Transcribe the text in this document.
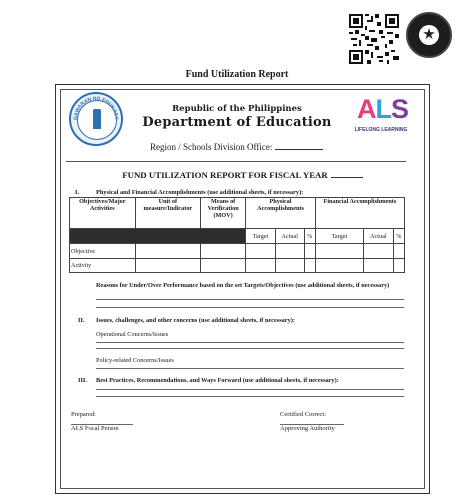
Fund Utilization Report
GAWARAN NG EDUKASY
Republic of the Philippines
Department of Education ALS
LIFELONG LEARNING
Region / Schools Division Office:
FUND UTILIZATION REPORT FOR FISCAL YEAR
I.	Physical and Financial Accomplishments (use additional sheets, if necessary):
Objectives/Major Activities	Unit of measure/Indicator	Means of Verification (MOV)	Physical Accomplishments			Financial Accomplishments		
			Target	Actual	%	Target	Actual	%
Objective								
Activity								
Reasons for Under/Over Performance based on the set Targets/Objectives (use additional sheets, if necessary)
II. Issues, challenges, and other concerns (use additional sheets, if necessary):
Operational Concerns/Issues
Policy-related Concerns/Issues
III. Best Practices, Recommendations, and Ways Forward (use additional sheets, if necessary):
Prepared:
ALS Focal Person
Certified Correct:
Approving Authority
